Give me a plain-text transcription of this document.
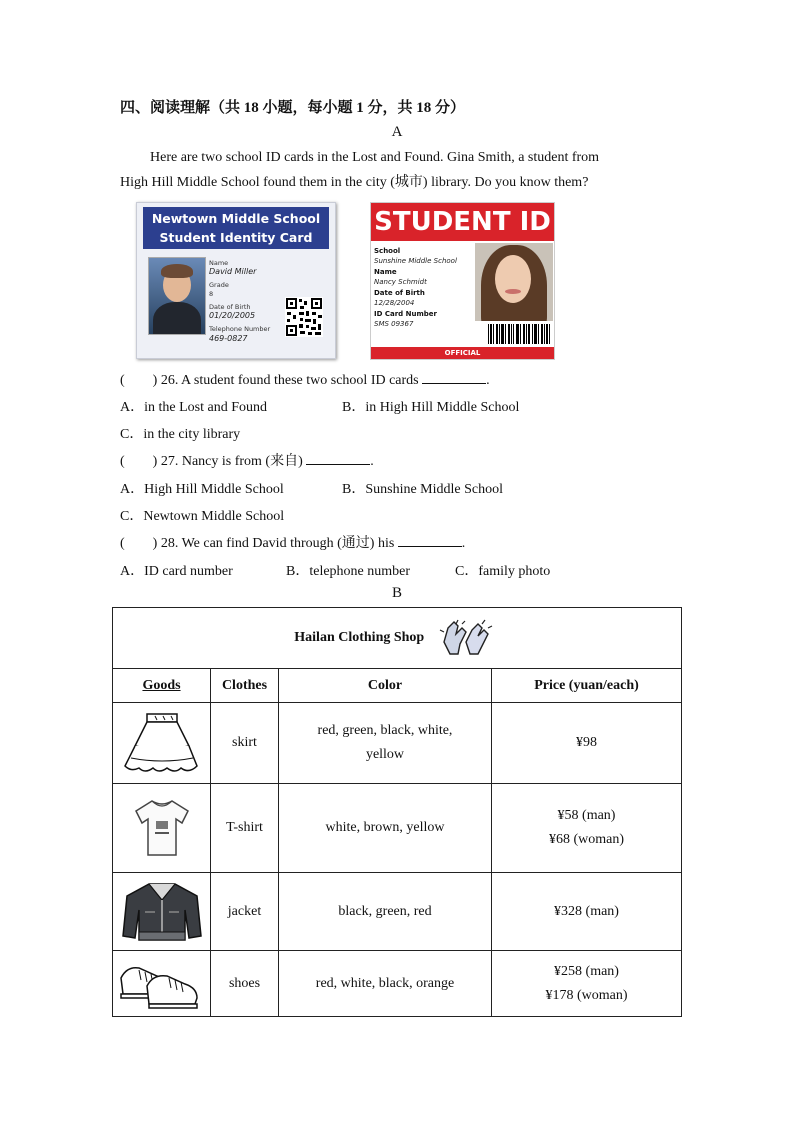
四、阅读理解（共 18 小题，每小题 1 分，共 18 分）
A
Here are two school ID cards in the Lost and Found. Gina Smith, a student from
High Hill Middle School found them in the city (城市) library. Do you know them?
Newtown Middle School
Student Identity Card
Name
David Miller
Grade
8
Date of Birth
01/20/2005
Telephone Number
469-0827
STUDENT ID
School
Sunshine Middle School
Name
Nancy Schmidt
Date of Birth
12/28/2004
ID Card Number
SMS 09367
OFFICIAL
(　　) 26. A student found these two school ID cards	.
A．in the Lost and Found	B．in High Hill Middle School
C．in the city library
(　　) 27. Nancy is from (来自)	.
A．High Hill Middle School	B．Sunshine Middle School
C．Newtown Middle School
(　　) 28. We can find David through (通过) his	.
A．ID card number	B．telephone number	C．family photo
B
Hailan Clothing Shop			
Goods	Clothes	Color	Price (yuan/each)

	skirt	red, green, black, white,
yellow	¥98

	T-shirt	white, brown, yellow	¥58 (man)
¥68 (woman)

	jacket	black, green, red	¥328 (man)

	shoes	red, white, black, orange	¥258 (man)
¥178 (woman)
